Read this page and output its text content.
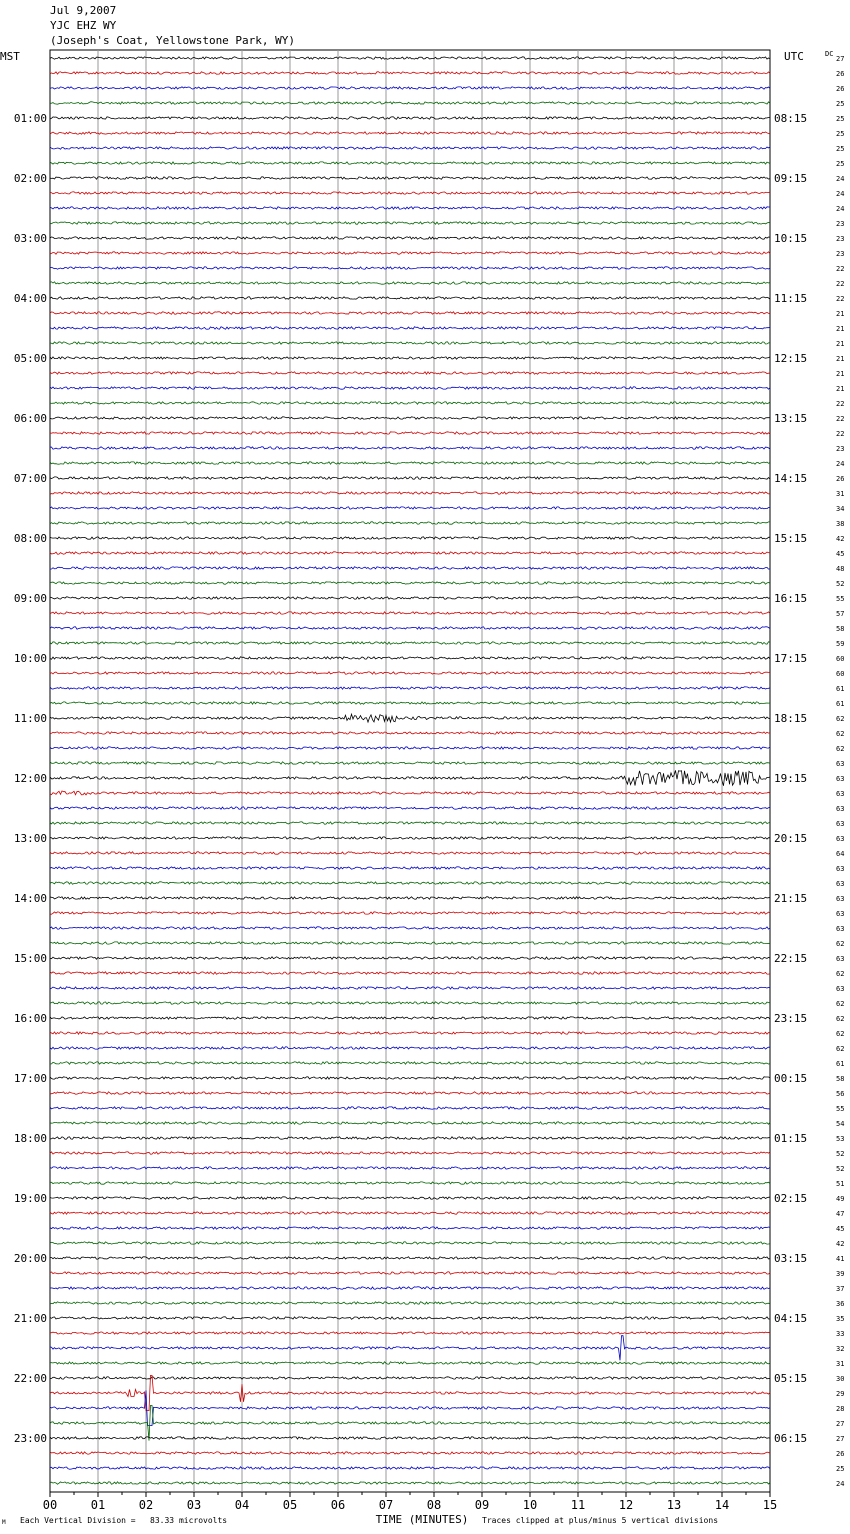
Jul 9,2007
YJC EHZ WY
(Joseph's Coat, Yellowstone Park, WY)
MST	UTC
01:00
02:00
03:00
04:00
05:00
06:00
07:00
08:00
09:00
10:00
11:00
12:00
13:00
14:00
15:00
16:00
17:00
18:00
19:00
20:00
21:00
22:00
23:00
08:15
09:15
10:15
11:15
12:15
13:15
14:15
15:15
16:15
17:15
18:15
19:15
20:15
21:15
22:15
23:15
00:15
01:15
02:15
03:15
04:15
05:15
06:15
DC
27
26
26
25
25
25
25
25
24
24
24
23
23
23
22
22
22
21
21
21
21
21
21
22
22
22
23
24
26
31
34
38
42
45
48
52
55
57
58
59
60
60
61
61
62
62
62
63
63
63
63
63
63
64
63
63
63
63
63
62
63
62
63
62
62
62
62
61
58
56
55
54
53
52
52
51
49
47
45
42
41
39
37
36
35
33
32
31
30
29
28
27
27
26
25
24
00	01	02	03	04	05	06	07	08	09	10	11	12	13	14	15
TIME (MINUTES)
Each Vertical Division =   83.33 microvolts	Traces clipped at plus/minus 5 vertical divisions
M
